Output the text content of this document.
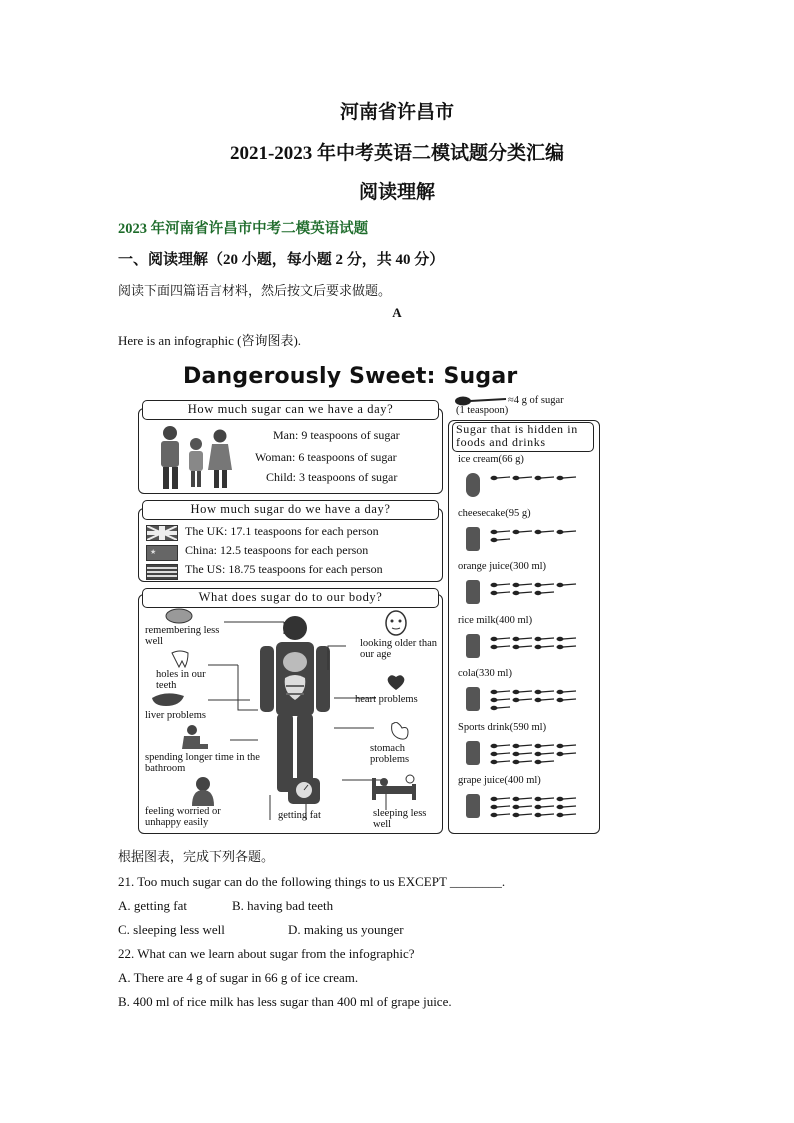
河南省许昌市
2021-2023 年中考英语二模试题分类汇编
阅读理解
2023 年河南省许昌市中考二模英语试题
一、阅读理解（20 小题，每小题 2 分，共 40 分）
阅读下面四篇语言材料，然后按文后要求做题。
A
Here is an infographic (咨询图表).
Dangerously Sweet: Sugar
≈4 g of sugar
(1 teaspoon)
How much sugar can we have a day?
Man: 9 teaspoons of sugar
Woman: 6 teaspoons of sugar
Child: 3 teaspoons of sugar
How much sugar do we have a day?
★
The UK: 17.1 teaspoons for each person
China: 12.5 teaspoons for each person
The US: 18.75 teaspoons for each person
What does sugar do to our body?
remembering less well
holes in our teeth
liver problems
spending longer time in the bathroom
feeling worried or unhappy easily
getting fat
looking older than our age
heart problems
stomach problems
sleeping less well
Sugar that is hidden in foods and drinks
ice cream(66 g)
cheesecake(95 g)
orange juice(300 ml)
rice milk(400 ml)
cola(330 ml)
Sports drink(590 ml)
grape juice(400 ml)
根据图表，完成下列各题。
21. Too much sugar can do the following things to us EXCEPT ________.
A. getting fat	B. having bad teeth
C. sleeping less well	D. making us younger
22. What can we learn about sugar from the infographic?
A. There are 4 g of sugar in 66 g of ice cream.
B. 400 ml of rice milk has less sugar than 400 ml of grape juice.
